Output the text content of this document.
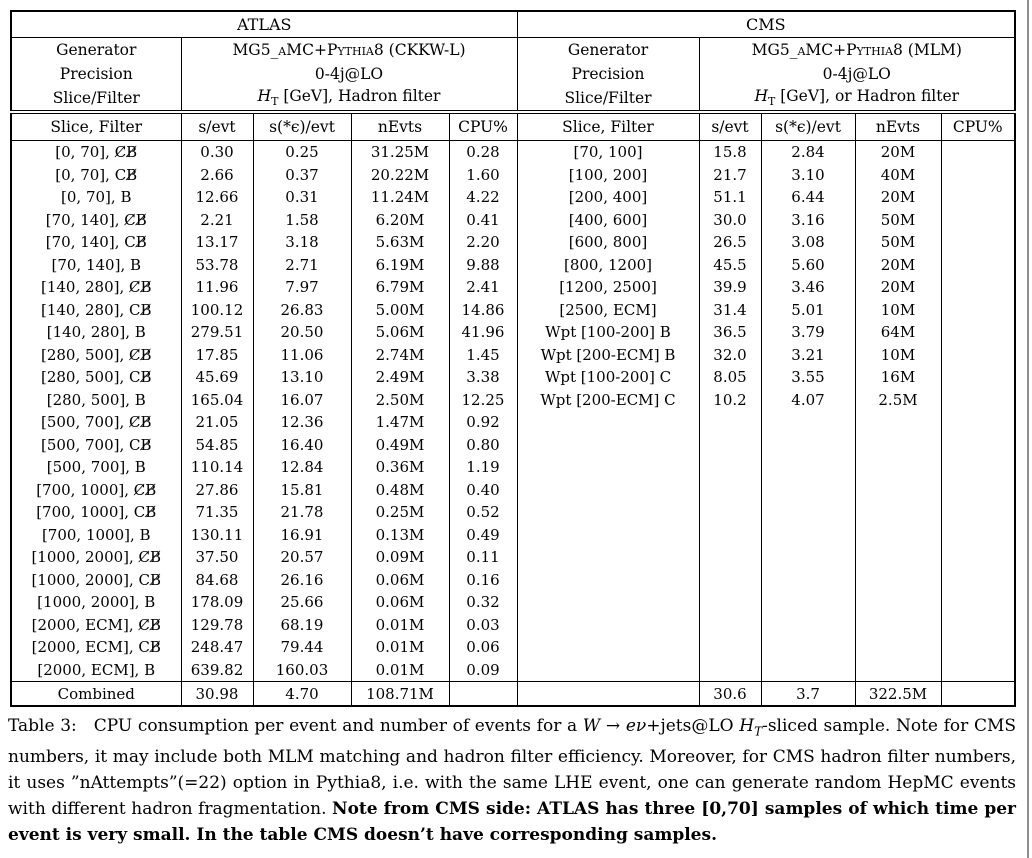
ATLAS					CMS				
Generator	MG5_aMC+Pythia8 (CKKW-L)				Generator	MG5_aMC+Pythia8 (MLM)			
Precision	0-4j@LO				Precision	0-4j@LO			
Slice/Filter	$H_T$ [GeV], Hadron filter				Slice/Filter	$H_T$ [GeV], or Hadron filter			
Slice, Filter	s/evt	s(*ϵ)/evt	nEvts	CPU%	Slice, Filter	s/evt	s(*ϵ)/evt	nEvts	CPU%
[0, 70], C̸B̸	0.30	0.25	31.25M	0.28	[70, 100]	15.8	2.84	20M	
[0, 70], CB̸	2.66	0.37	20.22M	1.60	[100, 200]	21.7	3.10	40M	
[0, 70], B	12.66	0.31	11.24M	4.22	[200, 400]	51.1	6.44	20M	
[70, 140], C̸B̸	2.21	1.58	6.20M	0.41	[400, 600]	30.0	3.16	50M	
[70, 140], CB̸	13.17	3.18	5.63M	2.20	[600, 800]	26.5	3.08	50M	
[70, 140], B	53.78	2.71	6.19M	9.88	[800, 1200]	45.5	5.60	20M	
[140, 280], C̸B̸	11.96	7.97	6.79M	2.41	[1200, 2500]	39.9	3.46	20M	
[140, 280], CB̸	100.12	26.83	5.00M	14.86	[2500, ECM]	31.4	5.01	10M	
[140, 280], B	279.51	20.50	5.06M	41.96	Wpt [100-200] B	36.5	3.79	64M	
[280, 500], C̸B̸	17.85	11.06	2.74M	1.45	Wpt [200-ECM] B	32.0	3.21	10M	
[280, 500], CB̸	45.69	13.10	2.49M	3.38	Wpt [100-200] C	8.05	3.55	16M	
[280, 500], B	165.04	16.07	2.50M	12.25	Wpt [200-ECM] C	10.2	4.07	2.5M	
[500, 700], C̸B̸	21.05	12.36	1.47M	0.92					
[500, 700], CB̸	54.85	16.40	0.49M	0.80					
[500, 700], B	110.14	12.84	0.36M	1.19					
[700, 1000], C̸B̸	27.86	15.81	0.48M	0.40					
[700, 1000], CB̸	71.35	21.78	0.25M	0.52					
[700, 1000], B	130.11	16.91	0.13M	0.49					
[1000, 2000], C̸B̸	37.50	20.57	0.09M	0.11					
[1000, 2000], CB̸	84.68	26.16	0.06M	0.16					
[1000, 2000], B	178.09	25.66	0.06M	0.32					
[2000, ECM], C̸B̸	129.78	68.19	0.01M	0.03					
[2000, ECM], CB̸	248.47	79.44	0.01M	0.06					
[2000, ECM], B	639.82	160.03	0.01M	0.09					
Combined	30.98	4.70	108.71M			30.6	3.7	322.5M	
Table 3:  CPU consumption per event and number of events for a W → eν+jets@LO $H_T$-sliced sample. Note for CMS numbers, it may include both MLM matching and hadron filter efficiency. Moreover, for CMS hadron filter numbers, it uses ”nAttempts”(=22) option in Pythia8, i.e. with the same LHE event, one can generate random HepMC events with different hadron fragmentation. Note from CMS side: ATLAS has three [0,70] samples of which time per event is very small. In the table CMS doesn’t have corresponding samples.
